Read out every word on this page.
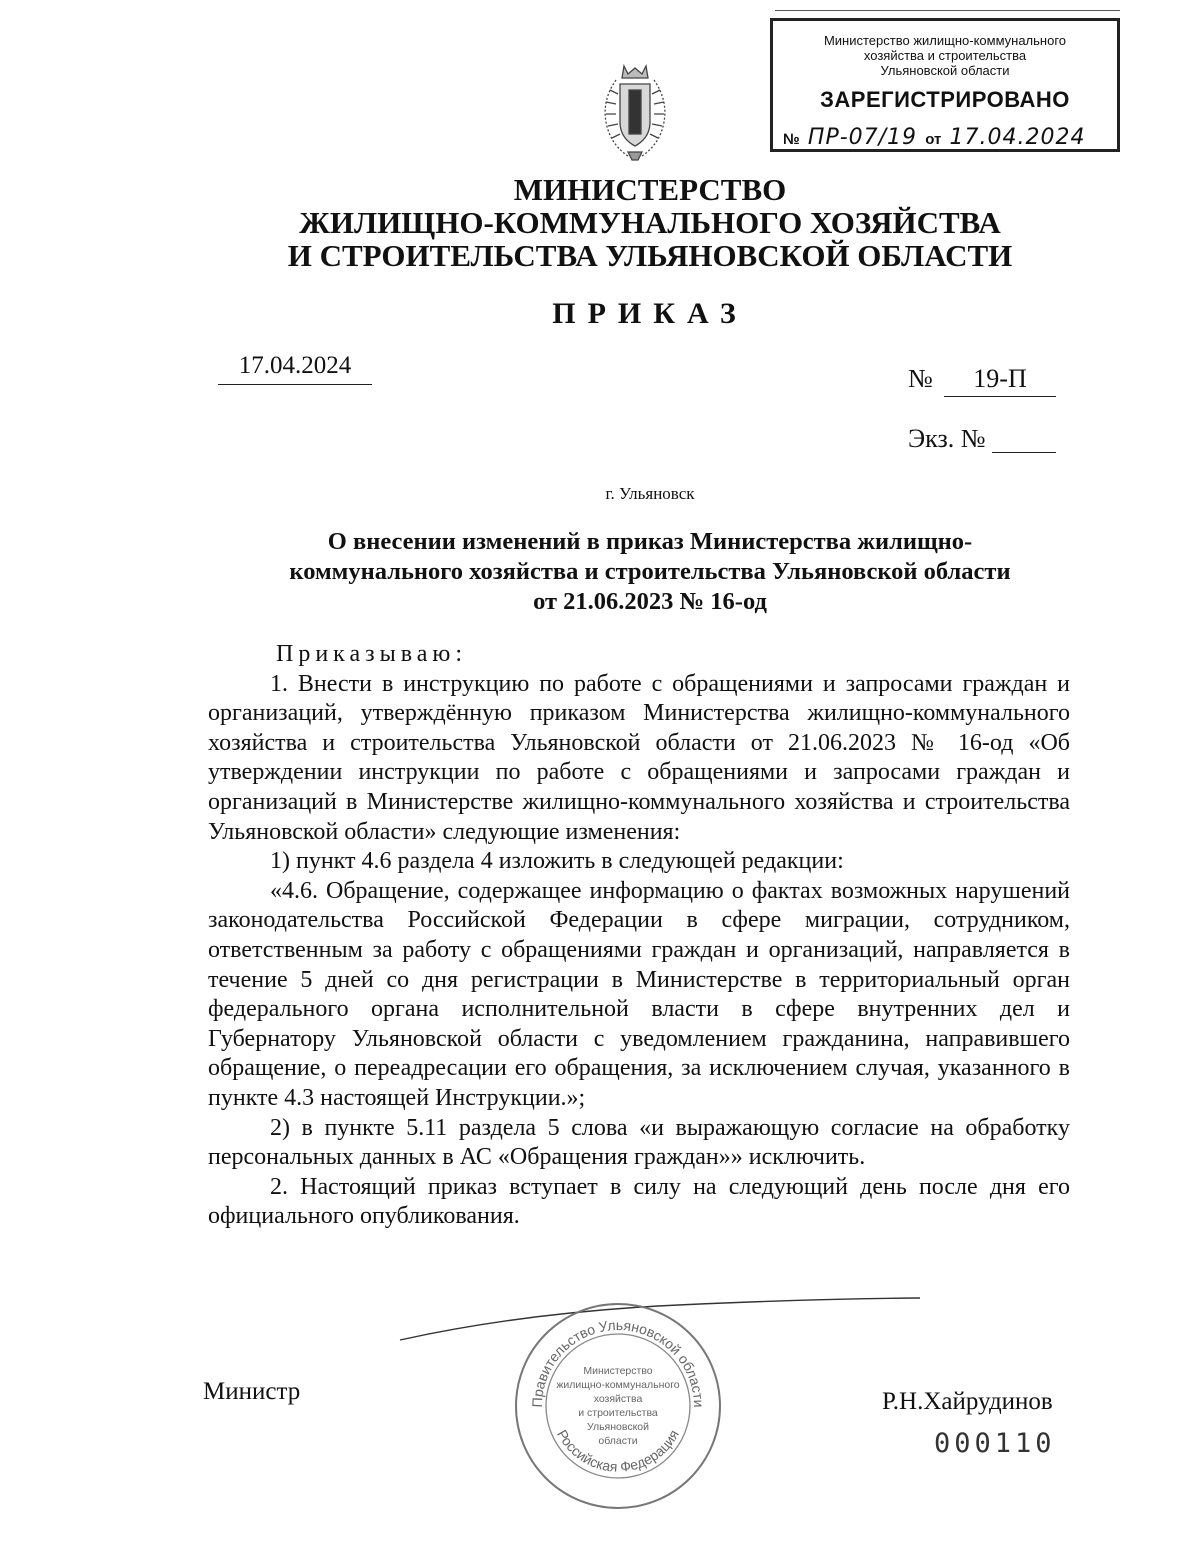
Министерство жилищно-коммунального
хозяйства и строительства
Ульяновской области
ЗАРЕГИСТРИРОВАНО
№ ПР-07/19 от 17.04.2024
МИНИСТЕРСТВО
ЖИЛИЩНО-КОММУНАЛЬНОГО ХОЗЯЙСТВА
И СТРОИТЕЛЬСТВА УЛЬЯНОВСКОЙ ОБЛАСТИ
ПРИКАЗ
17.04.2024	№	19-П
Экз. №
г. Ульяновск
О внесении изменений в приказ Министерства жилищно-
коммунального хозяйства и строительства Ульяновской области
от 21.06.2023 № 16-од

Приказываю:

1. Внести в инструкцию по работе с обращениями и запросами граждан и организаций, утверждённую приказом Министерства жилищно-коммунального хозяйства и строительства Ульяновской области от 21.06.2023 № 16-од «Об утверждении инструкции по работе с обращениями и запросами граждан и организаций в Министерстве жилищно-коммунального хозяйства и строительства Ульяновской области» следующие изменения:

1) пункт 4.6 раздела 4 изложить в следующей редакции:

«4.6. Обращение, содержащее информацию о фактах возможных нарушений законодательства Российской Федерации в сфере миграции, сотрудником, ответственным за работу с обращениями граждан и организаций, направляется в течение 5 дней со дня регистрации в Министерстве в территориальный орган федерального органа исполнительной власти в сфере внутренних дел и Губернатору Ульяновской области с уведомлением гражданина, направившего обращение, о переадресации его обращения, за исключением случая, указанного в пункте 4.3 настоящей Инструкции.»;

2) в пункте 5.11 раздела 5 слова «и выражающую согласие на обработку персональных данных в АС «Обращения граждан»» исключить.

2. Настоящий приказ вступает в силу на следующий день после дня его официального опубликования.

Правительство Ульяновской области
Российская Федерация
Министерство
жилищно-коммунального
хозяйства
и строительства
Ульяновской
области
Министр	Р.Н.Хайрудинов
000110
